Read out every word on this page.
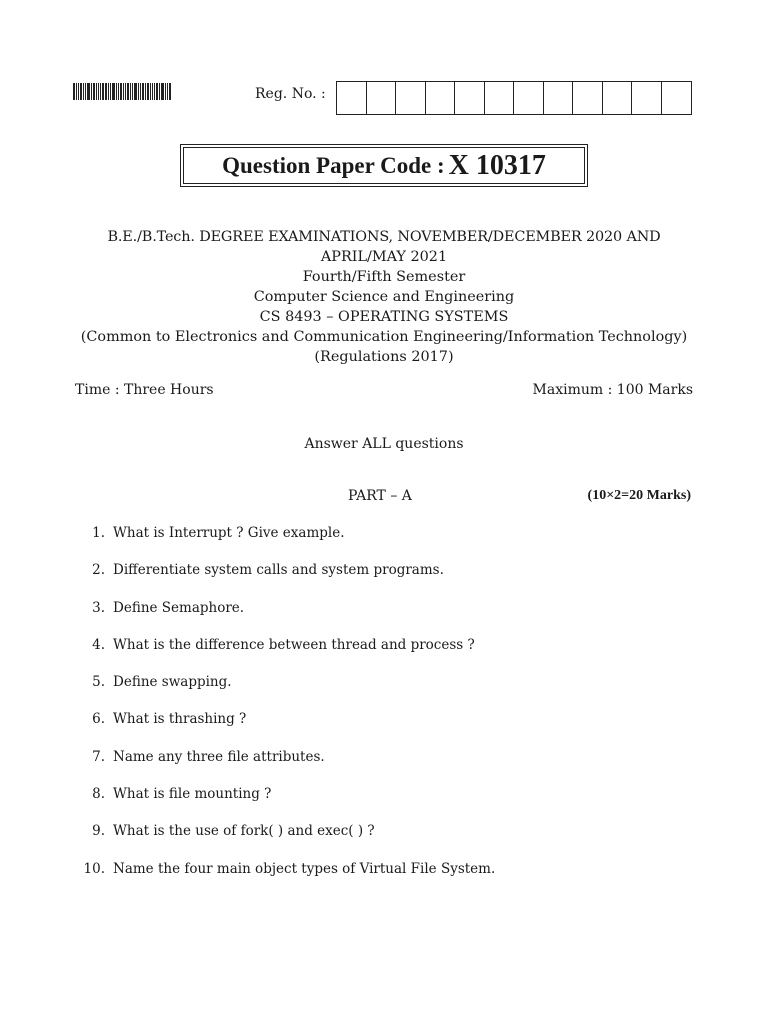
Reg. No. :
Question Paper Code : X 10317
B.E./B.Tech. DEGREE EXAMINATIONS, NOVEMBER/DECEMBER 2020 AND
APRIL/MAY 2021
Fourth/Fifth Semester
Computer Science and Engineering
CS 8493 – OPERATING SYSTEMS
(Common to Electronics and Communication Engineering/Information Technology)
(Regulations 2017)
Time : Three Hours	Maximum : 100 Marks
Answer ALL questions
PART – A	(10×2=20 Marks)
1. What is Interrupt ? Give example.
2. Differentiate system calls and system programs.
3. Define Semaphore.
4. What is the difference between thread and process ?
5. Define swapping.
6. What is thrashing ?
7. Name any three file attributes.
8. What is file mounting ?
9. What is the use of fork( ) and exec( ) ?
10. Name the four main object types of Virtual File System.
